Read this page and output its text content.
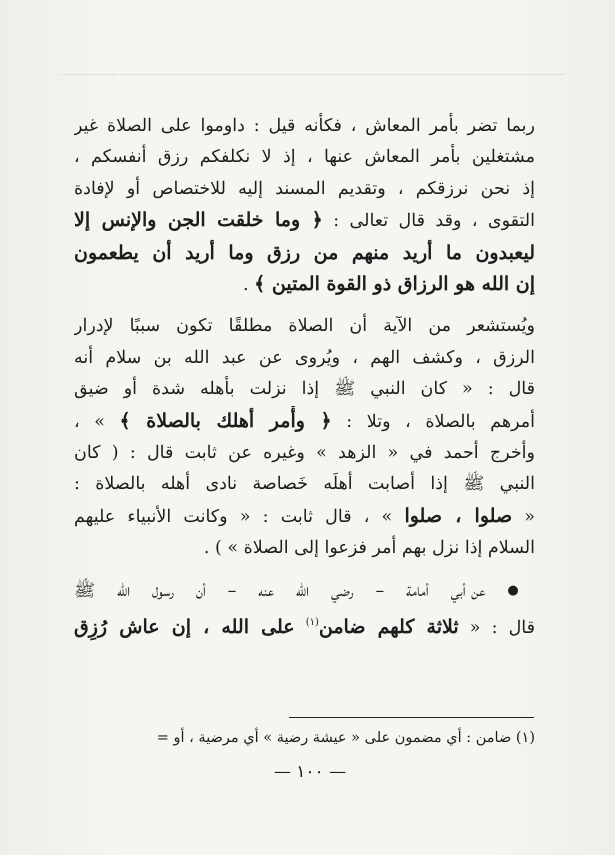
ربما تضر بأمر المعاش ، فكأنه قيل : داوموا على الصلاة غير
مشتغلين بأمر المعاش عنها ، إذ لا نكلفكم رزق أنفسكم ،
إذ نحن نرزقكم ، وتقديم المسند إليه للاختصاص أو لإفادة
التقوى ، وقد قال تعالى : ﴿ وما خلقت الجن والإنس إلا
ليعبدون ما أريد منهم من رزق وما أريد أن يطعمون
إن الله هو الرزاق ذو القوة المتين ﴾ .
ويُستشعر من الآية أن الصلاة مطلقًا تكون سببًا لإدرار
الرزق ، وكشف الهم ، ويُروى عن عبد الله بن سلام أنه
قال : « كان النبي ﷺ إذا نزلت بأهله شدة أو ضيق
أمرهم بالصلاة ، وتلا : ﴿ وأْمر أهلك بالصلاة ﴾ » ،
وأخرج أحمد في « الزهد » وغيره عن ثابت قال : ( كان
النبي ﷺ إذا أصابت أهلَه خَصاصة نادى أهله بالصلاة :
« صلوا ، صلوا » ، قال ثابت : « وكانت الأنبياء عليهم
السلام إذا نزل بهم أمر فزعوا إلى الصلاة » ) .
● عن أبي أمامة – رضي الله عنه – أن رسول الله ﷺ
قال : « ثلاثة كلهم ضامن$^{(١)}$ على الله ، إن عاش رُزِق
(١) ضامن : أي مضمون على « عيشة رضية » أي مرضية ، أو =
— ١٠٠ —
